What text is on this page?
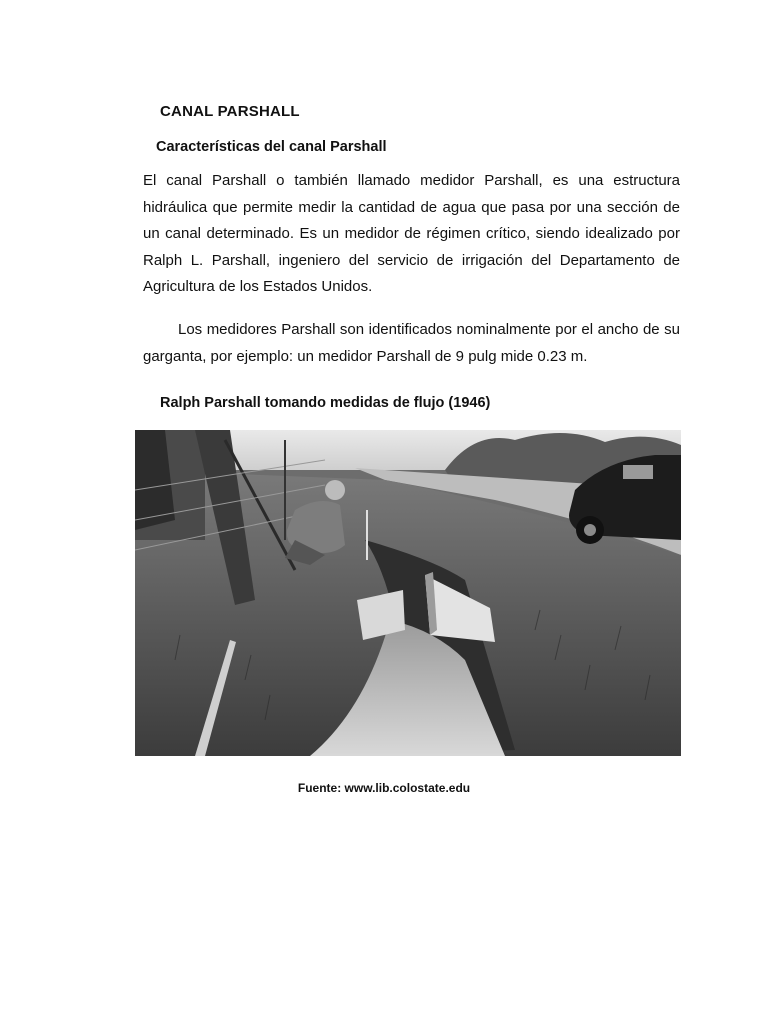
CANAL PARSHALL
Características del canal Parshall
El canal Parshall o también llamado medidor Parshall, es una estructura hidráulica que permite medir la cantidad de agua que pasa por una sección de un canal determinado. Es un medidor de régimen crítico, siendo idealizado por Ralph L. Parshall, ingeniero del servicio de irrigación del Departamento de Agricultura de los Estados Unidos.
Los medidores Parshall son identificados nominalmente por el ancho de su garganta, por ejemplo: un medidor Parshall de 9 pulg mide 0.23 m.
Ralph Parshall tomando medidas de flujo (1946)
Fuente: www.lib.colostate.edu
